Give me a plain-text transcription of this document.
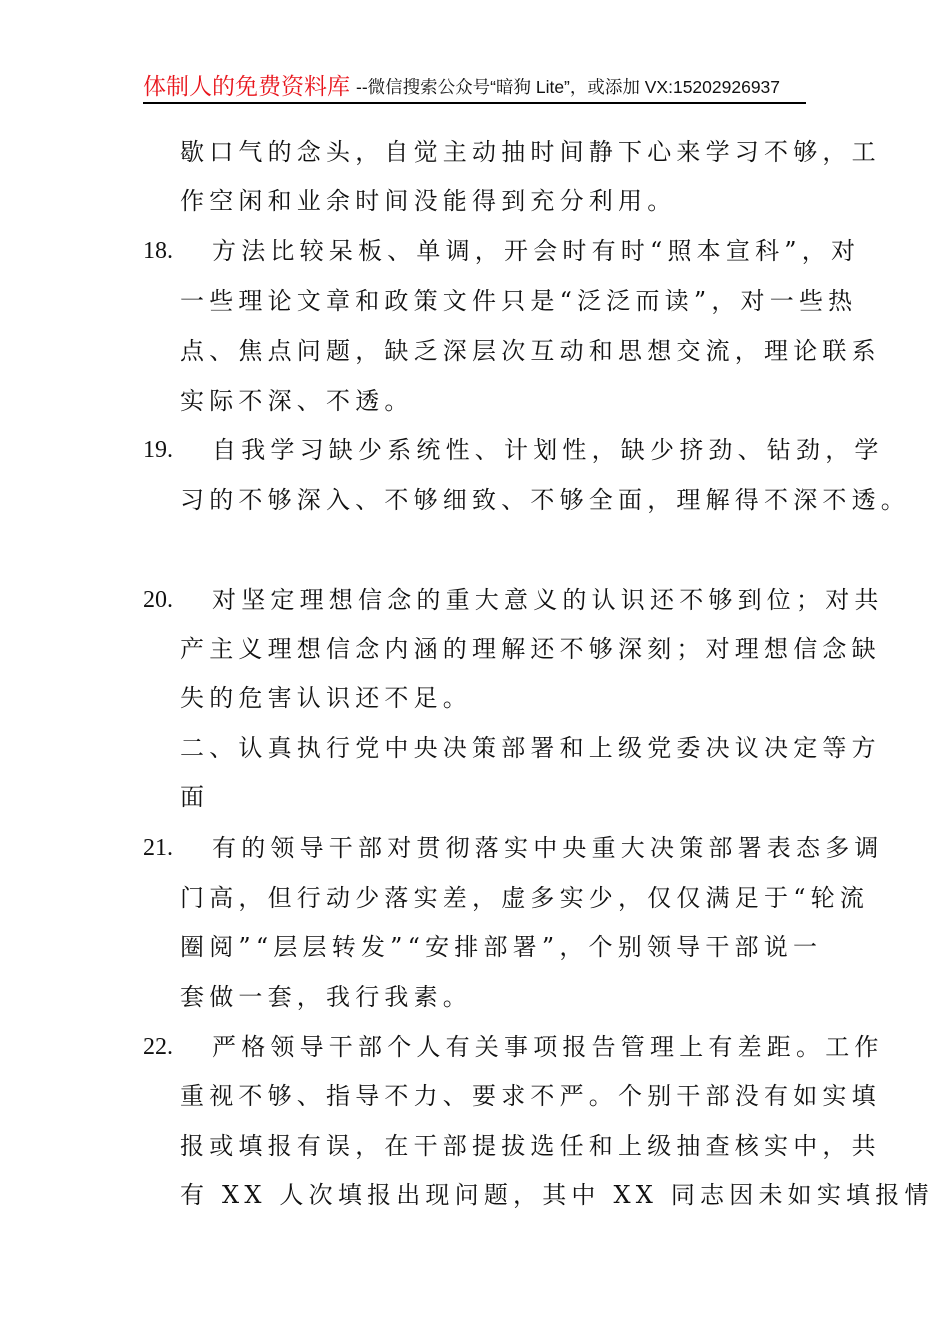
体制人的免费资料库 --微信搜索公众号“暗狗 Lite”，或添加 VX:15202926937
歇口气的念头，自觉主动抽时间静下心来学习不够，工
作空闲和业余时间没能得到充分利用。
18. 方法比较呆板、单调，开会时有时“照本宣科”，对
一些理论文章和政策文件只是“泛泛而读”，对一些热
点、焦点问题，缺乏深层次互动和思想交流，理论联系
实际不深、不透。
19. 自我学习缺少系统性、计划性，缺少挤劲、钻劲，学
习的不够深入、不够细致、不够全面，理解得不深不透。
20. 对坚定理想信念的重大意义的认识还不够到位；对共
产主义理想信念内涵的理解还不够深刻；对理想信念缺
失的危害认识还不足。
二、认真执行党中央决策部署和上级党委决议决定等方
面
21. 有的领导干部对贯彻落实中央重大决策部署表态多调
门高，但行动少落实差，虚多实少，仅仅满足于“轮流
圈阅”“层层转发”“安排部署”，个别领导干部说一
套做一套，我行我素。
22. 严格领导干部个人有关事项报告管理上有差距。工作
重视不够、指导不力、要求不严。个别干部没有如实填
报或填报有误，在干部提拔选任和上级抽查核实中，共
有 XX 人次填报出现问题，其中 XX 同志因未如实填报情
